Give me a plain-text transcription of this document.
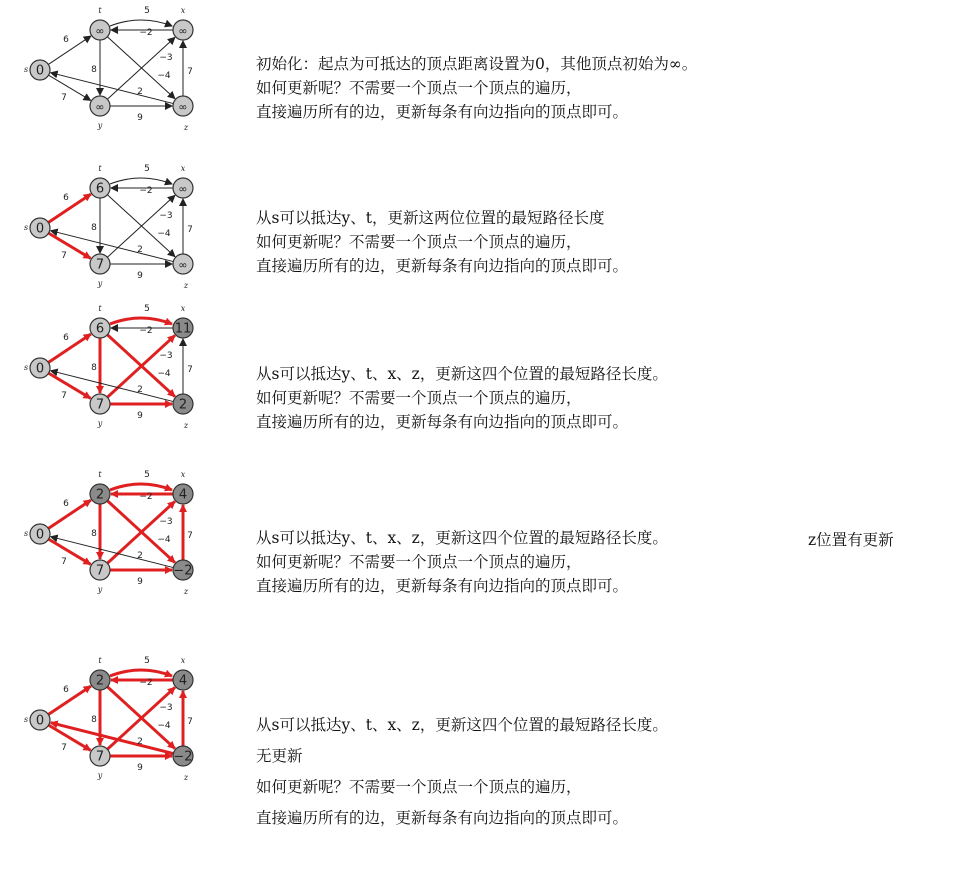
6
7
5
−2
8
−4
−3
9
7
2
0
s
∞
t
∞
x
∞
y
∞
z
初始化：起点为可抵达的顶点距离设置为0，其他顶点初始为∞。
如何更新呢？不需要一个顶点一个顶点的遍历，
直接遍历所有的边，更新每条有向边指向的顶点即可。
6
7
5
−2
8
−4
−3
9
7
2
0
s
6
t
∞
x
7
y
∞
z
从s可以抵达y、t，更新这两位位置的最短路径长度
如何更新呢？不需要一个顶点一个顶点的遍历，
直接遍历所有的边，更新每条有向边指向的顶点即可。
6
7
5
−2
8
−4
−3
9
7
2
0
s
6
t
11
x
7
y
2
z
从s可以抵达y、t、x、z，更新这四个位置的最短路径长度。
如何更新呢？不需要一个顶点一个顶点的遍历，
直接遍历所有的边，更新每条有向边指向的顶点即可。
6
7
5
−2
8
−4
−3
9
7
2
0
s
2
t
4
x
7
y
−2
z
从s可以抵达y、t、x、z，更新这四个位置的最短路径长度。
如何更新呢？不需要一个顶点一个顶点的遍历，
直接遍历所有的边，更新每条有向边指向的顶点即可。
z位置有更新
6
7
5
−2
8
−4
−3
9
7
2
0
s
2
t
4
x
7
y
−2
z
从s可以抵达y、t、x、z，更新这四个位置的最短路径长度。
无更新
如何更新呢？不需要一个顶点一个顶点的遍历，
直接遍历所有的边，更新每条有向边指向的顶点即可。
